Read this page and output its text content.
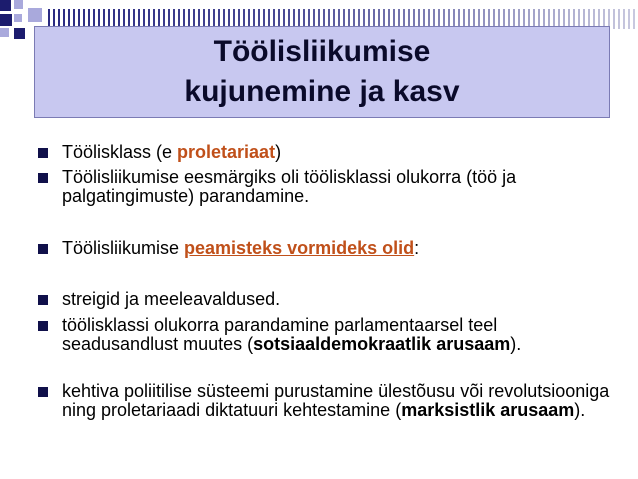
Töölisliikumise
kujunemine ja kasv
Töölisklass (e proletariaat)
Töölisliikumise eesmärgiks oli töölisklassi olukorra (töö ja palgatingimuste) parandamine.
Töölisliikumise peamisteks vormideks olid:
streigid ja meeleavaldused.
töölisklassi olukorra parandamine parlamentaarsel teel seadusandlust muutes (sotsiaaldemokraatlik arusaam).
kehtiva poliitilise süsteemi purustamine ülestõusu või revolutsiooniga ning proletariaadi diktatuuri kehtestamine (marksistlik arusaam).
